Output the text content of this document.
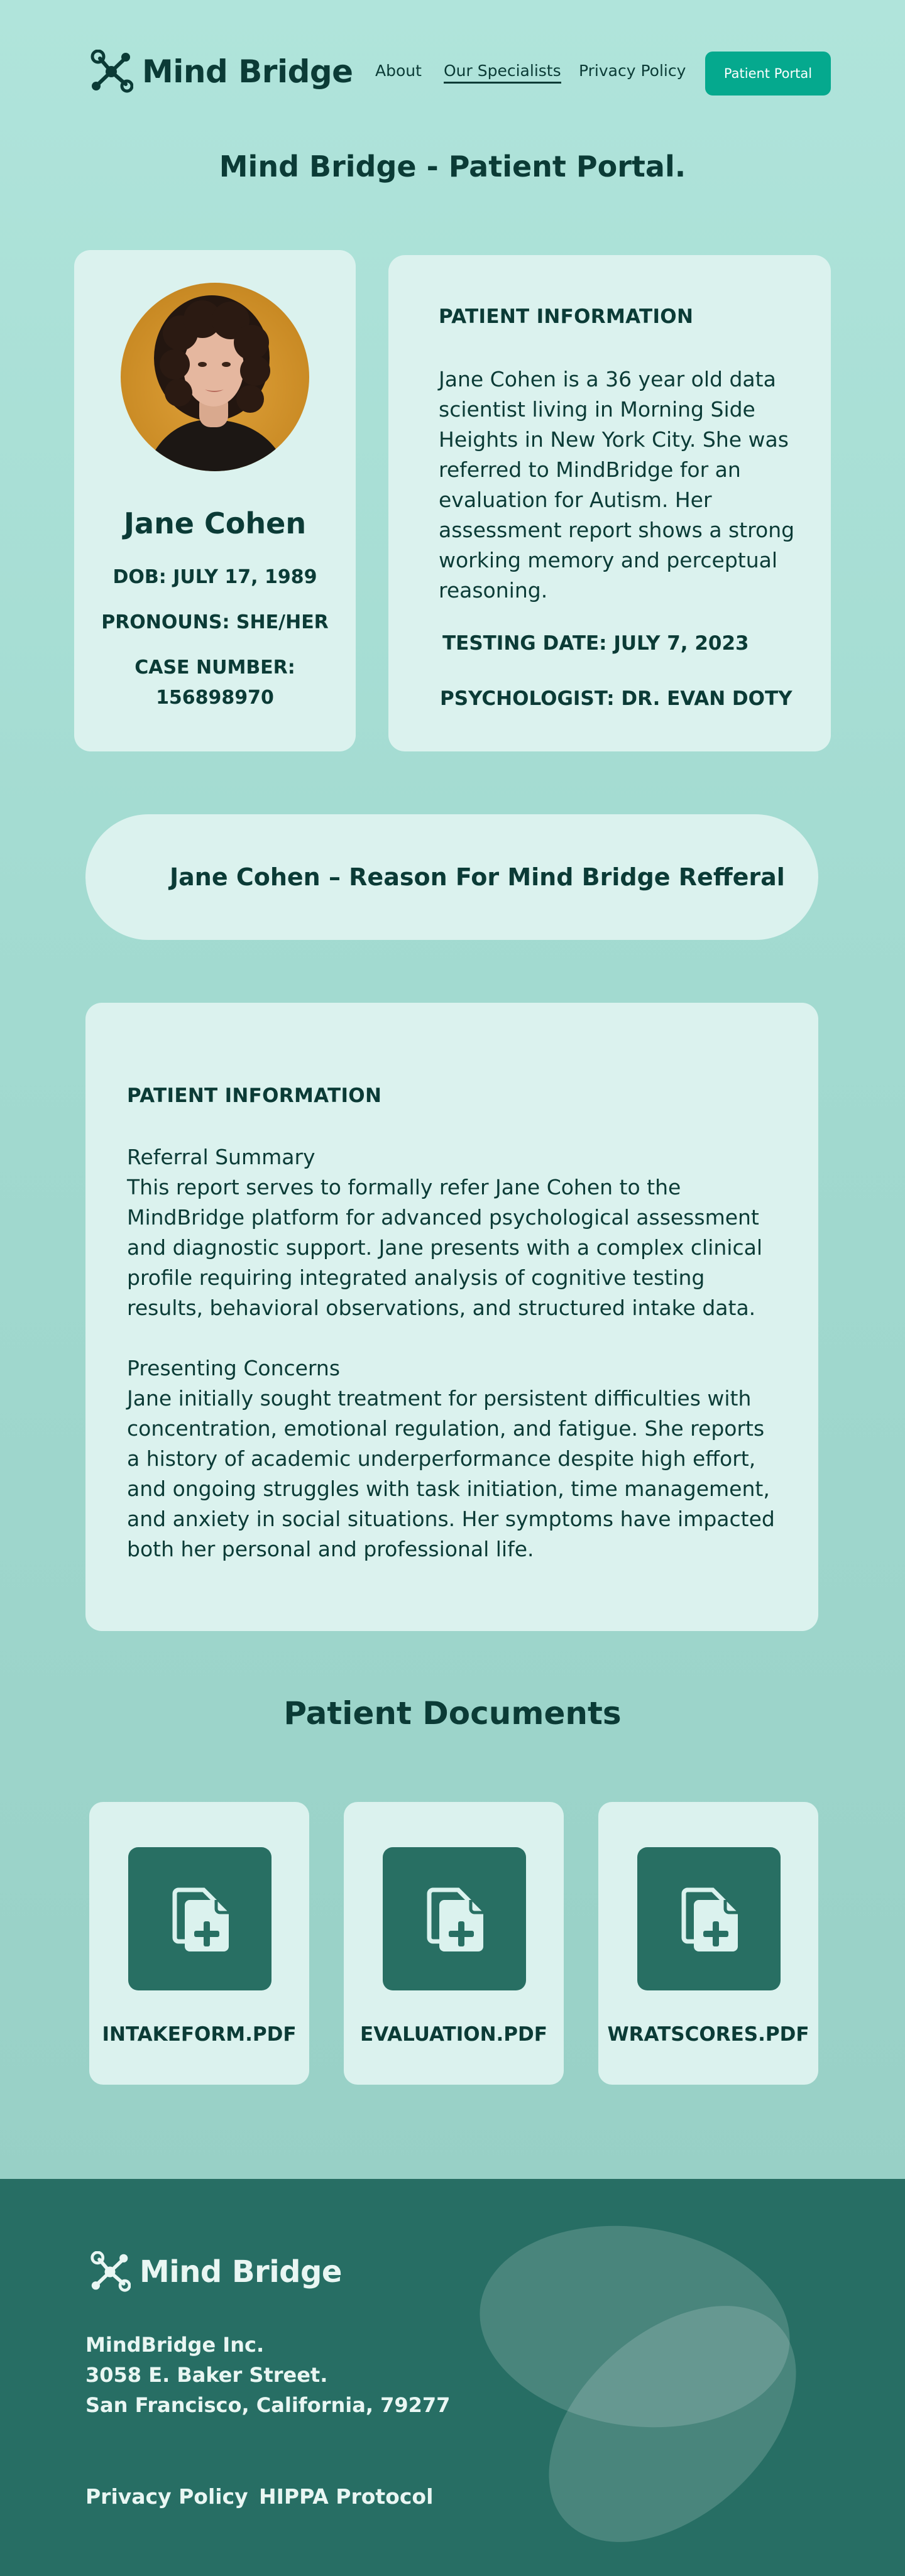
Mind Bridge About Our Specialists Privacy Policy	Patient Portal
Mind Bridge - Patient Portal.
Jane Cohen
DOB: JULY 17, 1989
PRONOUNS: SHE/HER
CASE NUMBER:
156898970
PATIENT INFORMATION
Jane Cohen is a 36 year old data scientist living in Morning Side Heights in New York City. She was referred to MindBridge for an evaluation for Autism. Her assessment report shows a strong working memory and perceptual reasoning.
TESTING DATE: JULY 7, 2023
PSYCHOLOGIST: DR. EVAN DOTY
Jane Cohen – Reason For Mind Bridge Refferal
PATIENT INFORMATION
Referral Summary
This report serves to formally refer Jane Cohen to the MindBridge platform for advanced psychological assessment and diagnostic support. Jane presents with a complex clinical profile requiring integrated analysis of cognitive testing results, behavioral observations, and structured intake data.
Presenting Concerns
Jane initially sought treatment for persistent difficulties with concentration, emotional regulation, and fatigue. She reports a history of academic underperformance despite high effort, and ongoing struggles with task initiation, time management, and anxiety in social situations. Her symptoms have impacted both her personal and professional life.
Patient Documents
INTAKEFORM.PDF	EVALUATION.PDF	WRATSCORES.PDF
Mind Bridge
MindBridge Inc.
3058 E. Baker Street.
San Francisco, California, 79277
Privacy Policy HIPPA Protocol
